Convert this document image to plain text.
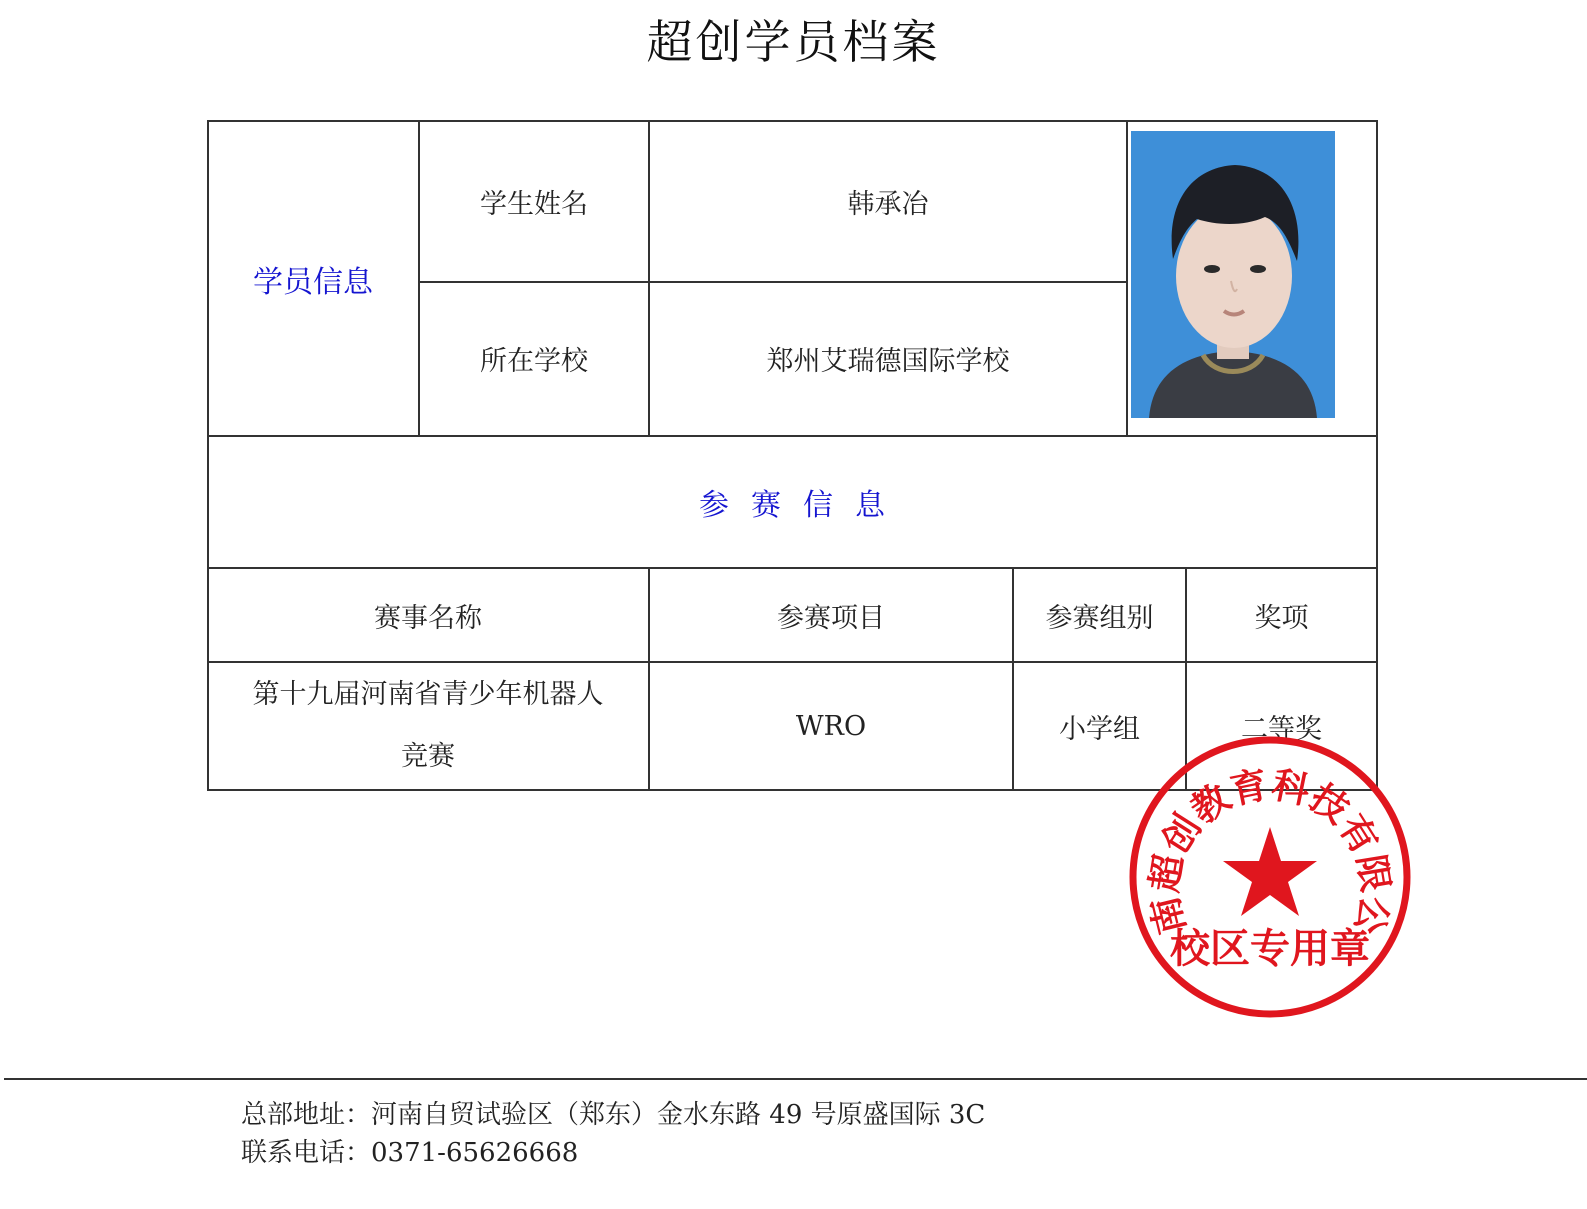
超创学员档案
学员信息
学生姓名	韩承冶
所在学校	郑州艾瑞德国际学校
参赛信息
赛事名称	参赛项目	参赛组别	奖项
第十九届河南省青少年机器人
竞赛
WRO	小学组	二等奖
南超创教育科技有限公
校区专用章
总部地址：河南自贸试验区（郑东）金水东路 49 号原盛国际 3C
联系电话：0371-65626668
